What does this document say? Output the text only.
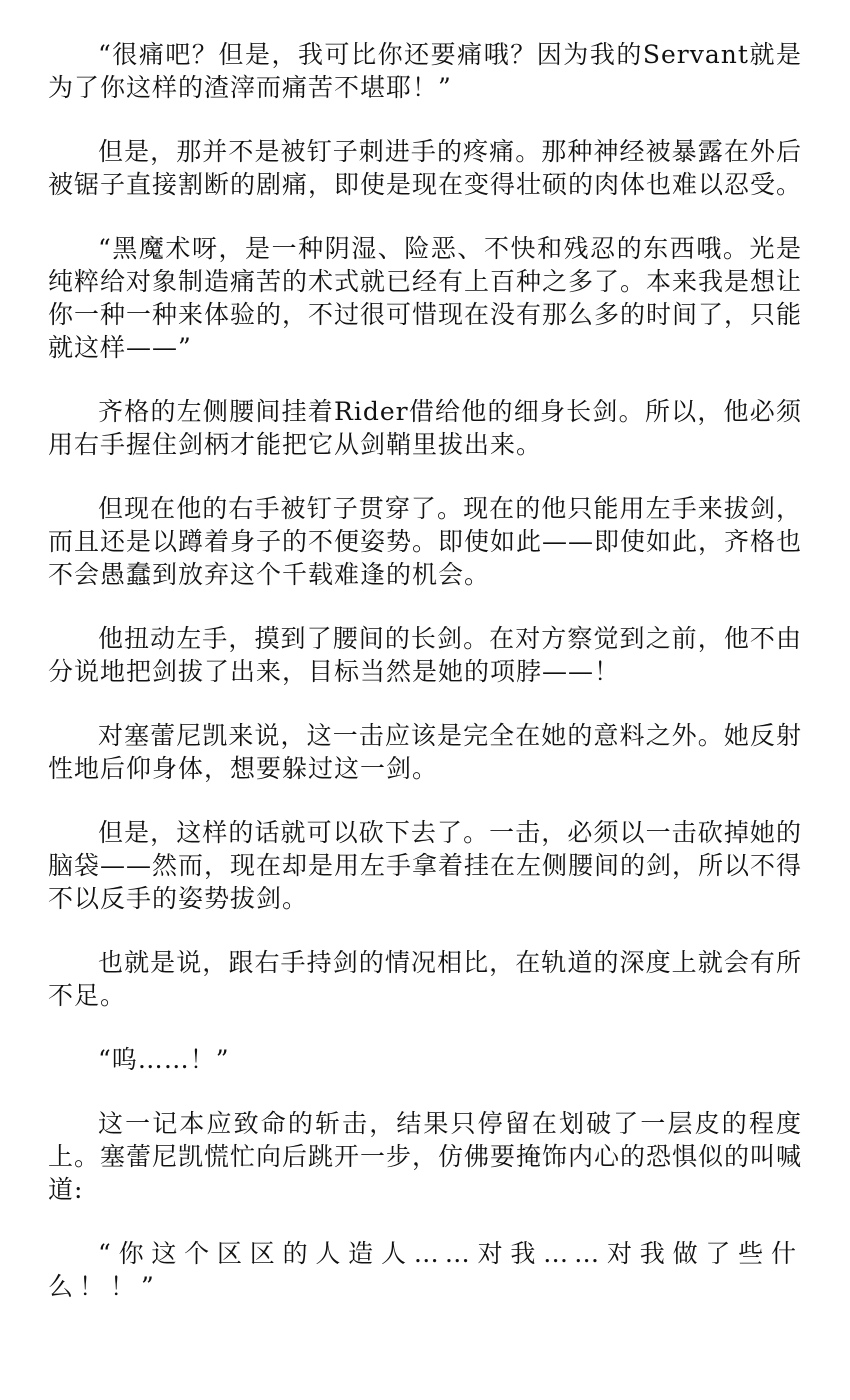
“很痛吧？但是，我可比你还要痛哦？因为我的Servant就是为了你这样的渣滓而痛苦不堪耶！”

但是，那并不是被钉子刺进手的疼痛。那种神经被暴露在外后被锯子直接割断的剧痛，即使是现在变得壮硕的肉体也难以忍受。

“黑魔术呀，是一种阴湿、险恶、不快和残忍的东西哦。光是纯粹给对象制造痛苦的术式就已经有上百种之多了。本来我是想让你一种一种来体验的，不过很可惜现在没有那么多的时间了，只能就这样——”

齐格的左侧腰间挂着Rider借给他的细身长剑。所以，他必须用右手握住剑柄才能把它从剑鞘里拔出来。

但现在他的右手被钉子贯穿了。现在的他只能用左手来拔剑，而且还是以蹲着身子的不便姿势。即使如此——即使如此，齐格也不会愚蠢到放弃这个千载难逢的机会。

他扭动左手，摸到了腰间的长剑。在对方察觉到之前，他不由分说地把剑拔了出来，目标当然是她的项脖——！

对塞蕾尼凯来说，这一击应该是完全在她的意料之外。她反射性地后仰身体，想要躲过这一剑。

但是，这样的话就可以砍下去了。一击，必须以一击砍掉她的脑袋——然而，现在却是用左手拿着挂在左侧腰间的剑，所以不得不以反手的姿势拔剑。

也就是说，跟右手持剑的情况相比，在轨道的深度上就会有所不足。

“呜……！”

这一记本应致命的斩击，结果只停留在划破了一层皮的程度上。塞蕾尼凯慌忙向后跳开一步，仿佛要掩饰内心的恐惧似的叫喊道:

“你这个区区的人造人……对我……对我做了些什么！！”
